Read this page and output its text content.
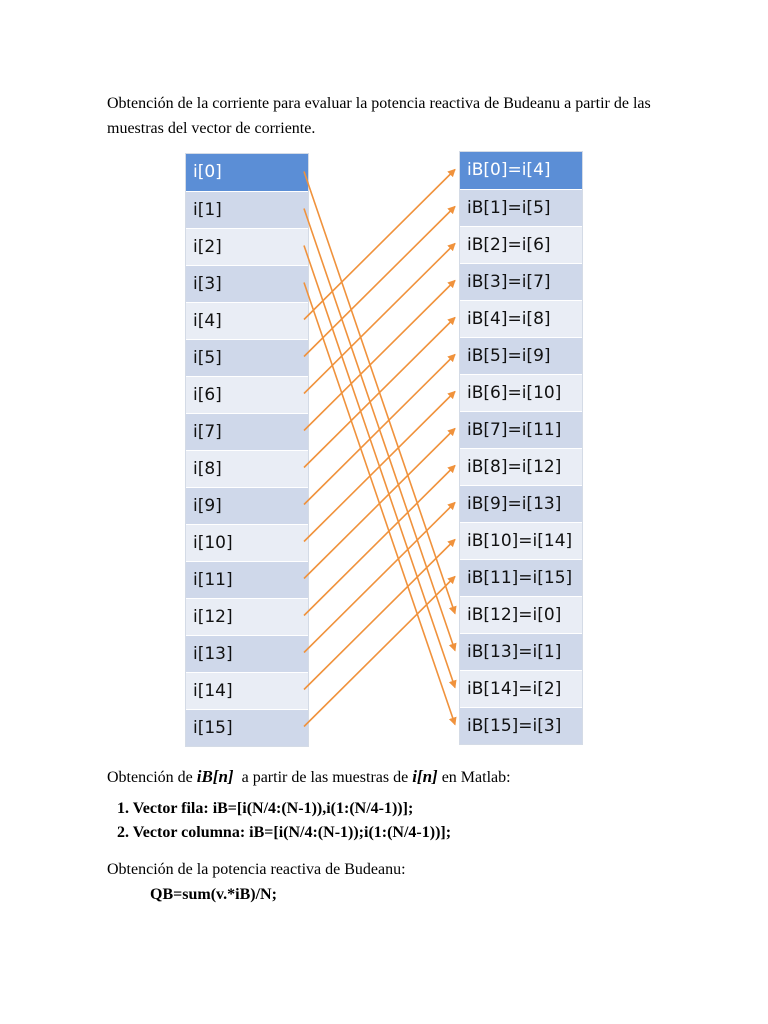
Obtención de la corriente para evaluar la potencia reactiva de Budeanu a partir de las muestras del vector de corriente.

i[0]
i[1]
i[2]
i[3]
i[4]
i[5]
i[6]
i[7]
i[8]
i[9]
i[10]
i[11]
i[12]
i[13]
i[14]
i[15]
iB[0]=i[4]
iB[1]=i[5]
iB[2]=i[6]
iB[3]=i[7]
iB[4]=i[8]
iB[5]=i[9]
iB[6]=i[10]
iB[7]=i[11]
iB[8]=i[12]
iB[9]=i[13]
iB[10]=i[14]
iB[11]=i[15]
iB[12]=i[0]
iB[13]=i[1]
iB[14]=i[2]
iB[15]=i[3]

Obtención de iB[n]  a partir de las muestras de i[n] en Matlab:

1. Vector fila: iB=[i(N/4:(N-1)),i(1:(N/4-1))];
2. Vector columna: iB=[i(N/4:(N-1));i(1:(N/4-1))];

Obtención de la potencia reactiva de Budeanu:

QB=sum(v.*iB)/N;
